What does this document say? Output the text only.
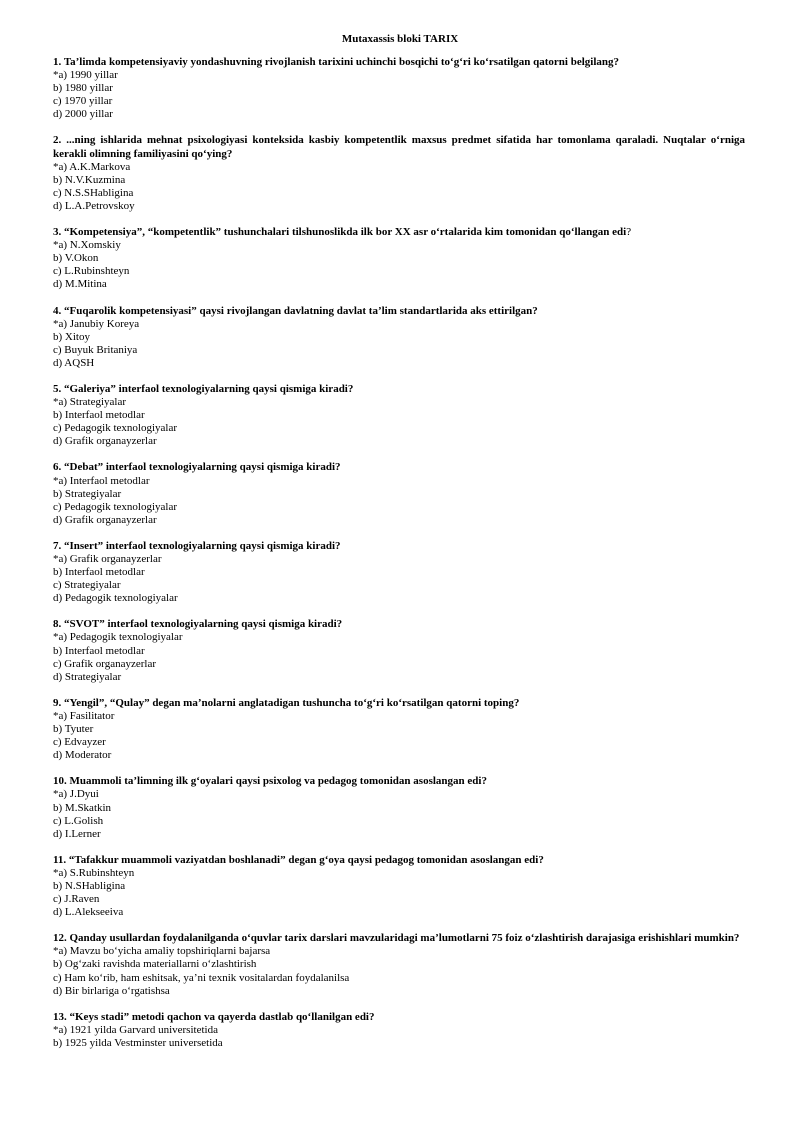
Mutaxassis bloki TARIX
1. Ta’limda kompetensiyaviy yondashuvning rivojlanish tarixini uchinchi bosqichi to‘g‘ri ko‘rsatilgan qatorni belgilang?
*a) 1990 yillar
b) 1980 yillar
c) 1970 yillar
d) 2000 yillar
2. ...ning ishlarida mehnat psixologiyasi konteksida kasbiy kompetentlik maxsus predmet sifatida har tomonlama qaraladi. Nuqtalar o‘rniga kerakli olimning familiyasini qo‘ying?
*a) A.K.Markova
b) N.V.Kuzmina
c) N.S.SHabligina
d) L.A.Petrovskoy
3. “Kompetensiya”, “kompetentlik” tushunchalari tilshunoslikda ilk bor XX asr o‘rtalarida kim tomonidan qo‘llangan edi?
*a) N.Xomskiy
b) V.Okon
c) L.Rubinshteyn
d) M.Mitina
4. “Fuqarolik kompetensiyasi” qaysi rivojlangan davlatning davlat ta’lim standartlarida aks ettirilgan?
*a) Janubiy Koreya
b) Xitoy
c) Buyuk Britaniya
d) AQSH
5. “Galeriya” interfaol texnologiyalarning qaysi qismiga kiradi?
*a) Strategiyalar
b) Interfaol metodlar
c) Pedagogik texnologiyalar
d) Grafik organayzerlar
6. “Debat” interfaol texnologiyalarning qaysi qismiga kiradi?
*a) Interfaol metodlar
b) Strategiyalar
c) Pedagogik texnologiyalar
d) Grafik organayzerlar
7. “Insert” interfaol texnologiyalarning qaysi qismiga kiradi?
*a) Grafik organayzerlar
b) Interfaol metodlar
c) Strategiyalar
d) Pedagogik texnologiyalar
8. “SVOT” interfaol texnologiyalarning qaysi qismiga kiradi?
*a) Pedagogik texnologiyalar
b) Interfaol metodlar
c) Grafik organayzerlar
d) Strategiyalar
9. “Yengil”, “Qulay” degan ma’nolarni anglatadigan tushuncha to‘g‘ri ko‘rsatilgan qatorni toping?
*a) Fasilitator
b) Tyuter
c) Edvayzer
d) Moderator
10. Muammoli ta’limning ilk g‘oyalari qaysi psixolog va pedagog tomonidan asoslangan edi?
*a) J.Dyui
b) M.Skatkin
c) L.Golish
d) I.Lerner
11. “Tafakkur muammoli vaziyatdan boshlanadi” degan g‘oya qaysi pedagog tomonidan asoslangan edi?
*a) S.Rubinshteyn
b) N.SHabligina
c) J.Raven
d) L.Alekseeiva
12. Qanday usullardan foydalanilganda o‘quvlar tarix darslari mavzularidagi ma’lumotlarni 75 foiz o‘zlashtirish darajasiga erishishlari mumkin?
*a) Mavzu bo‘yicha amaliy topshiriqlarni bajarsa
b) Og‘zaki ravishda materiallarni o‘zlashtirish
c) Ham ko‘rib, ham eshitsak, ya’ni texnik vositalardan foydalanilsa
d) Bir birlariga o‘rgatishsa
13. “Keys stadi” metodi qachon va qayerda dastlab qo‘llanilgan edi?
*a) 1921 yilda Garvard universitetida
b) 1925 yilda Vestminster universetida
